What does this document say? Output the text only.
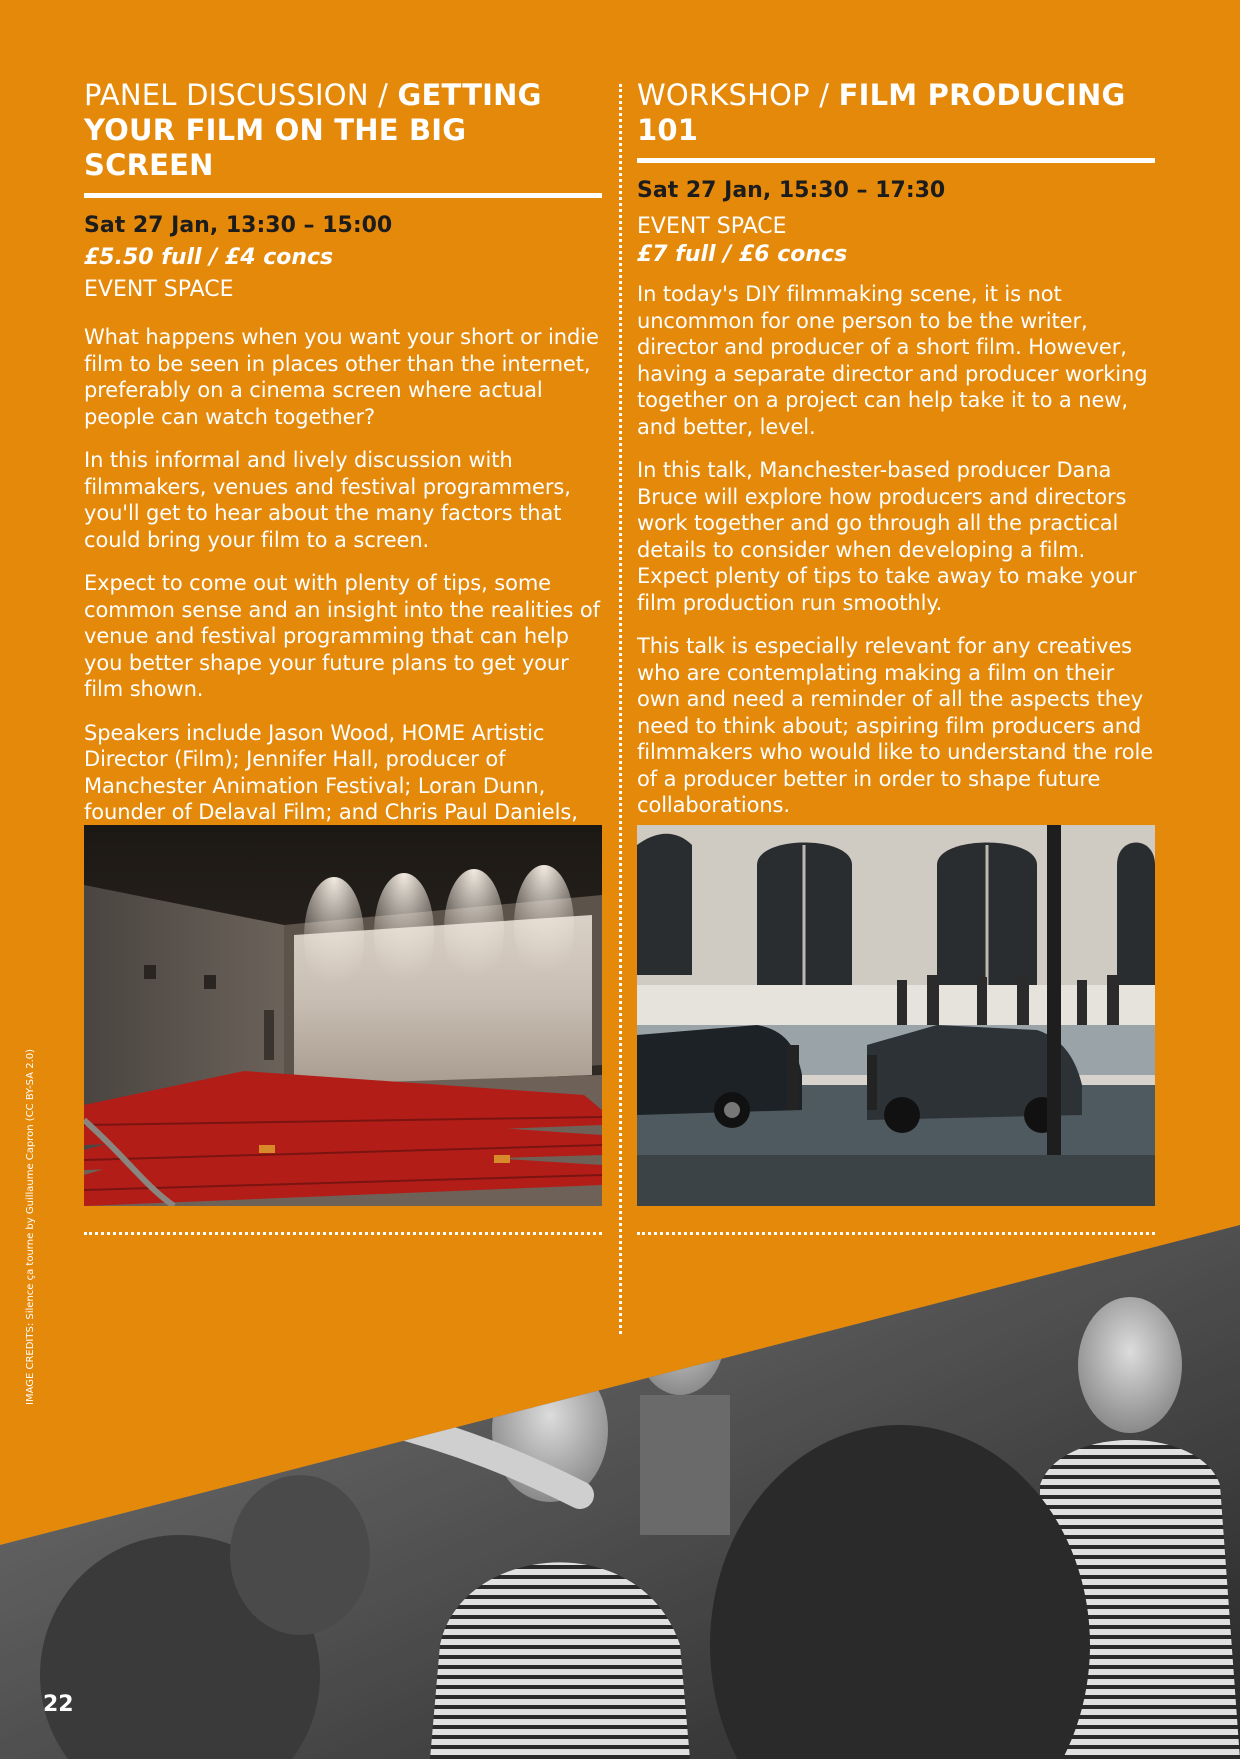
PANEL DISCUSSION / GETTING YOUR FILM ON THE BIG SCREEN
Sat 27 Jan, 13:30 – 15:00
£5.50 full / £4 concs
EVENT SPACE

What happens when you want your short or indie film to be seen in places other than the internet, preferably on a cinema screen where actual people can watch together?

In this informal and lively discussion with filmmakers, venues and festival programmers, you'll get to hear about the many factors that could bring your film to a screen.

Expect to come out with plenty of tips, some common sense and an insight into the realities of venue and festival programming that can help you better shape your future plans to get your film shown.

Speakers include Jason Wood, HOME Artistic Director (Film); Jennifer Hall, producer of Manchester Animation Festival; Loran Dunn, founder of Delaval Film; and Chris Paul Daniels,

WORKSHOP / FILM PRODUCING 101
Sat 27 Jan, 15:30 – 17:30
EVENT SPACE
£7 full / £6 concs

In today's DIY filmmaking scene, it is not uncommon for one person to be the writer, director and producer of a short film. However, having a separate director and producer working together on a project can help take it to a new, and better, level.

In this talk, Manchester-based producer Dana Bruce will explore how producers and directors work together and go through all the practical details to consider when developing a film. Expect plenty of tips to take away to make your film production run smoothly.

This talk is especially relevant for any creatives who are contemplating making a film on their own and need a reminder of all the aspects they need to think about; aspiring film producers and filmmakers who would like to understand the role of a producer better in order to shape future collaborations.

IMAGE CREDITS: Silence ça tourne by Guillaume Capron (CC BY-SA 2.0)
22
